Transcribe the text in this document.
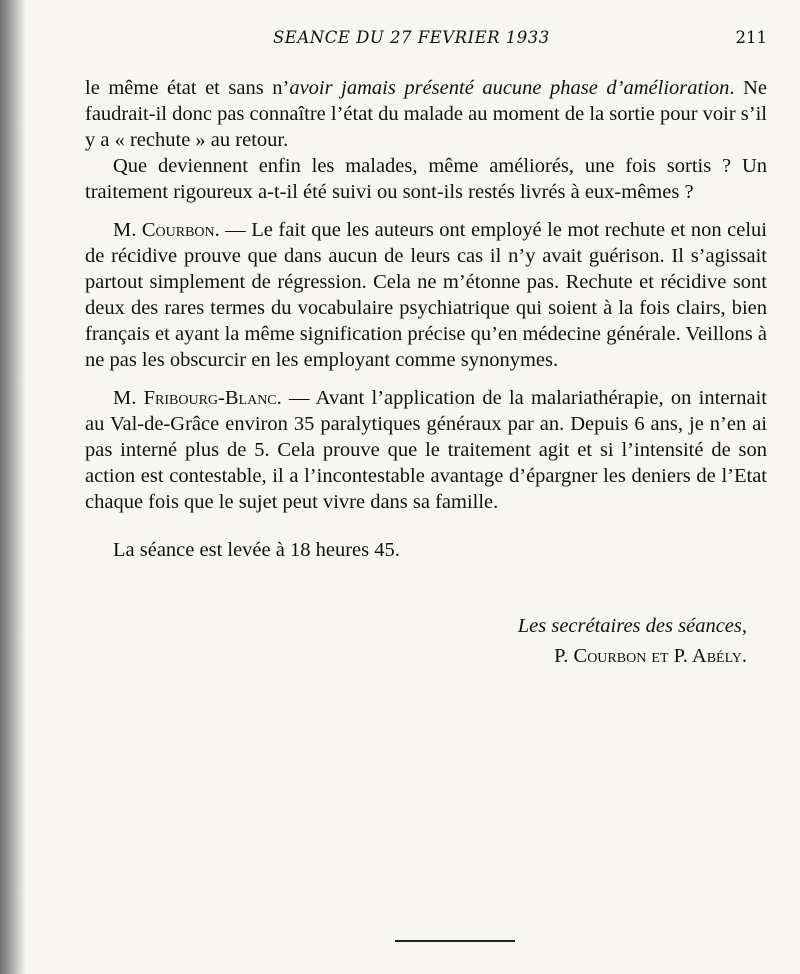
SEANCE DU 27 FEVRIER 1933	211

le même état et sans n’avoir jamais présenté aucune phase d’amélioration. Ne faudrait-il donc pas connaître l’état du malade au moment de la sortie pour voir s’il y a « rechute » au retour.

Que deviennent enfin les malades, même améliorés, une fois sortis ? Un traitement rigoureux a-t-il été suivi ou sont-ils restés livrés à eux-mêmes ?

M. Courbon. — Le fait que les auteurs ont employé le mot rechute et non celui de récidive prouve que dans aucun de leurs cas il n’y avait guérison. Il s’agissait partout simplement de régression. Cela ne m’étonne pas. Rechute et récidive sont deux des rares termes du vocabulaire psychiatrique qui soient à la fois clairs, bien français et ayant la même signification précise qu’en médecine générale. Veillons à ne pas les obscurcir en les employant comme synonymes.

M. Fribourg-Blanc. — Avant l’application de la malariathérapie, on internait au Val-de-Grâce environ 35 paralytiques généraux par an. Depuis 6 ans, je n’en ai pas interné plus de 5. Cela prouve que le traitement agit et si l’intensité de son action est contestable, il a l’incontestable avantage d’épargner les deniers de l’Etat chaque fois que le sujet peut vivre dans sa famille.

La séance est levée à 18 heures 45.

Les secrétaires des séances,

P. Courbon et P. Abély.
